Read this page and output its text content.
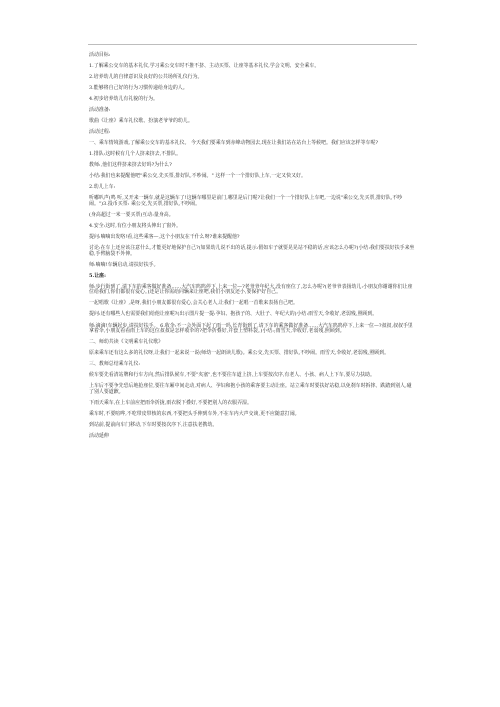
活动目标:
1.了解乘公交车的基本礼仪,学习乘公交车时不推不挤、主动买票、让座等基本礼仪,学会文明、安全乘车。
2.培养幼儿的自律意识及良好的公共场所礼仪行为。
3.能够将自己好的行为习惯传递给身边的人。
4.初步培养幼儿有礼貌的行为。
活动准备:
歌曲《让座》乘车礼仪歌、扮演老爷爷的幼儿。
活动过程:
一、乘车情境游戏,了解乘公交车的基本礼仪。 今天我们要乘车到赤峰动物园去,现在让我们站在站台上等候吧。我们应该怎样等车呢?
1.排队:这时候有几个人挤来挤去,不排队。
教师:,他们这样挤来挤去好吗?为什么?
小结:我们也来提醒他吧"乘公交,先买票,排好队,不吵闹。" 这样一个一个排好队上车,一定又快又好。
2.幼儿上车:
听嘟叭声(鸣 听,又开来一辆车,就是这辆车了!这辆车哪里是前门,哪里是后门呢?让我们一个一个排好队上车吧,一边说"乘公交,先买票,排好队,不吵闹。")3.投币买票: 乘公交,先买票,排好队,不吵闹。
(身高超过一米一要买票)互动:量身高。
4.安全:这时,有位小朋友将头伸出了窗外。
提问:嘀嘀出发咯!看,这些乘客—,这个小朋友在干什么呀?谁来提醒他?
讨论:在车上还应该注意什么,才能更好地保护自己?(如果幼儿说不出的话,提示:假如车子就要晃晃站不稳的话,应该怎么办呢?)小结:我们要扶好扶手来坐稳,手臂脑袋不外伸。
师:嘀嘀!车辆启动,请扶好扶手。
5.让座:
师:步行街到了,请下车的乘客做好准备……大汽车呜呜停下,上来一位—?老爷爷年纪大,没有座位了,怎么办呢?(老爷爷表扬幼儿:小朋友你谢谢你们让座位给我们,你们都很有爱心。)还是让你需给同辆来让座吧,我们小朋友还小,要保护好自己。
一起唱歌《让座》,是呀,我们小朋友都很有爱心,会关心老人,让我们一起唱一首歌来表扬自己吧。
提问:还有哪些人也需要我们给他让座呢?(出示图片提一提:孕妇、抱孩子的、大肚子、年纪大的)小结:雨雪天,伞收好,老弱残,照顾到。
师:滴滴!车辆起步,请扶好扶手。 6.收伞:不一会外面下起了雨一吗,长青街到了,请下车的乘客做好准备……大汽车呜呜停下,上来一位—?叔叔,叔叔手里拿着伞,小朋友看看雨上车的这位叔叔是怎样收伞的?把伞折叠好,并套上塑料袋。)小结:;雨雪天,伞收好,老弱残,照顾到。
二、师幼共读《文明乘车礼仪歌》
原来乘车还有这么多的礼仪呀,让我们一起来说一说(师幼一起朗读儿歌)。乘公交,先买票、排好队,不吵闹。雨雪天,伞收好,老弱残,照顾到。
三、教师总结乘车礼仪:
候车要先看清站牌和行车方向,然后排队候车,不要"夹塞",也不要往车道上挤,上车要按次序,有老人、小孩、病人上下车,要尽力扶助。
上车后不要争先恐后地抢座位,要往车厢中间走动,对病人、孕妇和抱小孩的乘客要主动让座。站立乘车时要扶好站稳,以免刹车时拆摔、跌踏到别人,碰了别人要道歉。
下雨天乘车,在上车前应把雨伞折拢,雨衣脱下叠好,不要把别人的衣服弄湿。
乘车时,不要喧哗,不吃带皮带核的东西,不要把头手伸到车外,不在车内大声交谈,更不应随意打闹。
到站前,提前向车门移动,下车时要按次序下,注意扶老携幼。
活动延伸
